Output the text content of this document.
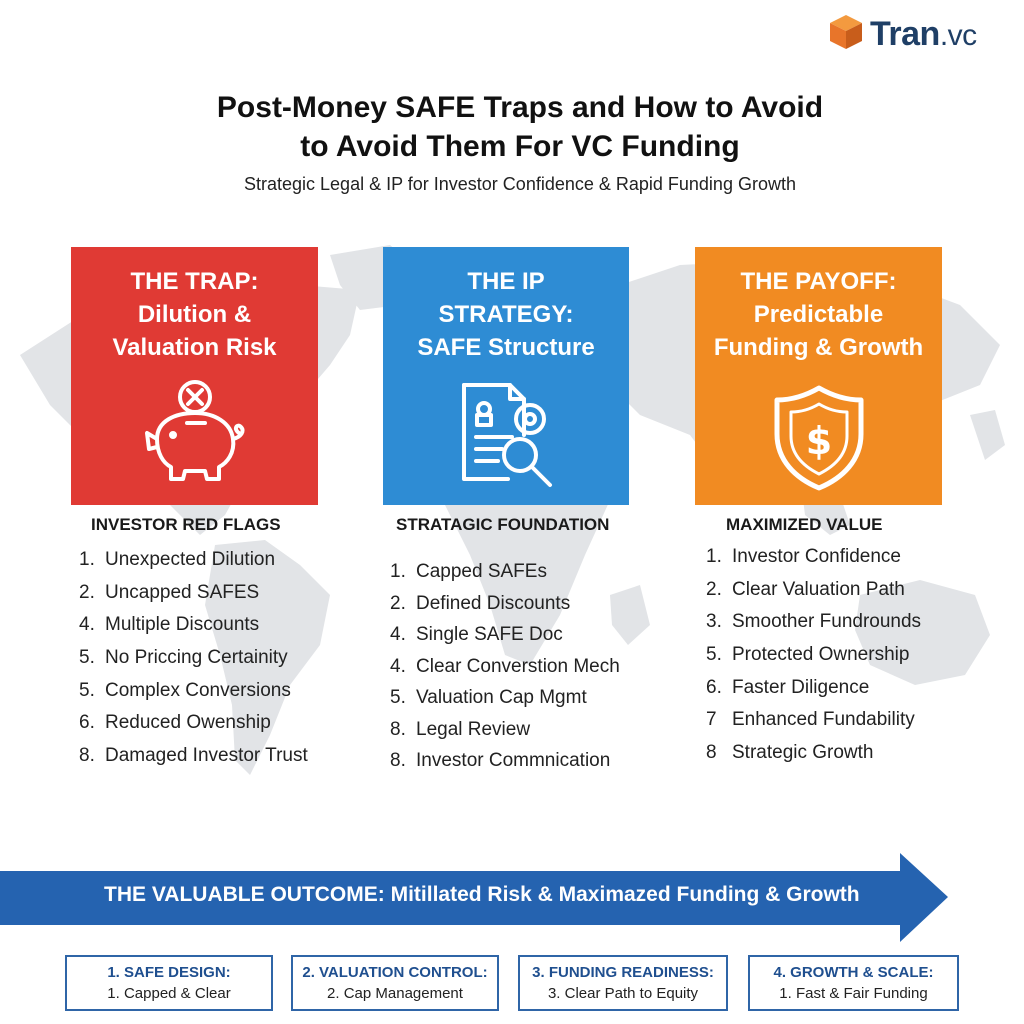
Tran.vc
Post-Money SAFE Traps and How to Avoid
to Avoid Them For VC Funding
Strategic Legal & IP for Investor Confidence & Rapid Funding Growth
THE TRAP:
Dilution &
Valuation Risk
THE IP
STRATEGY:
SAFE Structure
THE PAYOFF:
Predictable
Funding & Growth
$
INVESTOR RED FLAGS	STRATAGIC FOUNDATION	MAXIMIZED VALUE
1. Unexpected Dilution
2. Uncapped SAFES
4. Multiple Discounts
5. No Priccing Certainity
5. Complex Conversions
6. Reduced Owenship
8. Damaged Investor Trust
1. Capped SAFEs
2. Defined Discounts
4. Single SAFE Doc
4. Clear Converstion Mech
5. Valuation Cap Mgmt
8. Legal Review
8. Investor Commnication
1. Investor Confidence
2. Clear Valuation Path
3. Smoother Fundrounds
5. Protected Ownership
6. Faster Diligence
7 Enhanced Fundability
8 Strategic Growth
THE VALUABLE OUTCOME: Mitillated Risk & Maximazed Funding & Growth
1. SAFE DESIGN:
1. Capped & Clear
2. VALUATION CONTROL:
2. Cap Management
3. FUNDING READINESS:
3. Clear Path to Equity
4. GROWTH & SCALE:
1. Fast & Fair Funding
